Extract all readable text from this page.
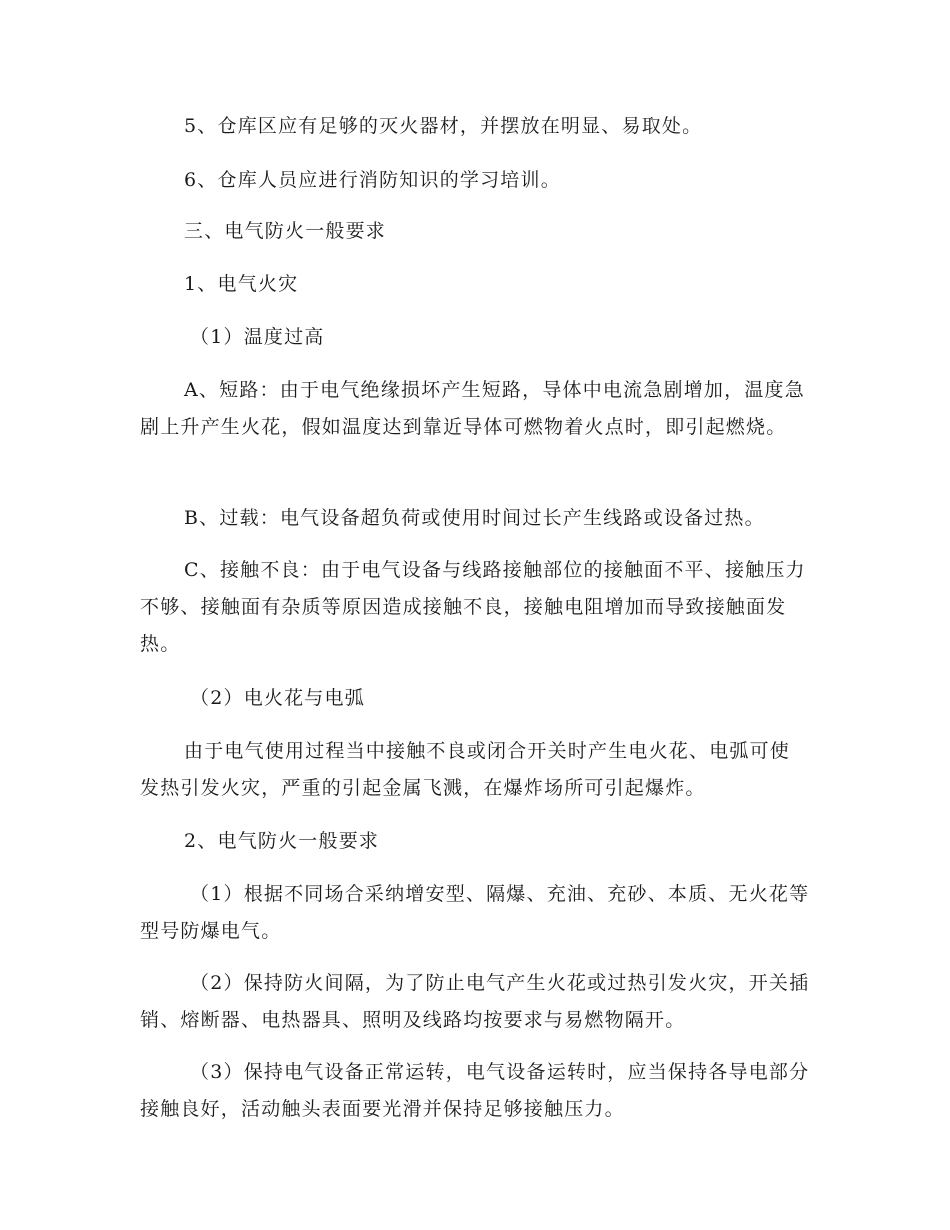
5、仓库区应有足够的灭火器材，并摆放在明显、易取处。

6、仓库人员应进行消防知识的学习培训。

三、电气防火一般要求

1、电气火灾

（1）温度过高

A、短路：由于电气绝缘损坏产生短路，导体中电流急剧增加，温度急剧上升产生火花，假如温度达到靠近导体可燃物着火点时，即引起燃烧。

B、过载：电气设备超负荷或使用时间过长产生线路或设备过热。

C、接触不良：由于电气设备与线路接触部位的接触面不平、接触压力不够、接触面有杂质等原因造成接触不良，接触电阻增加而导致接触面发热。

（2）电火花与电弧

由于电气使用过程当中接触不良或闭合开关时产生电火花、电弧可使发热引发火灾，严重的引起金属飞溅，在爆炸场所可引起爆炸。

2、电气防火一般要求

（1）根据不同场合采纳增安型、隔爆、充油、充砂、本质、无火花等型号防爆电气。

（2）保持防火间隔，为了防止电气产生火花或过热引发火灾，开关插销、熔断器、电热器具、照明及线路均按要求与易燃物隔开。

（3）保持电气设备正常运转，电气设备运转时，应当保持各导电部分接触良好，活动触头表面要光滑并保持足够接触压力。
